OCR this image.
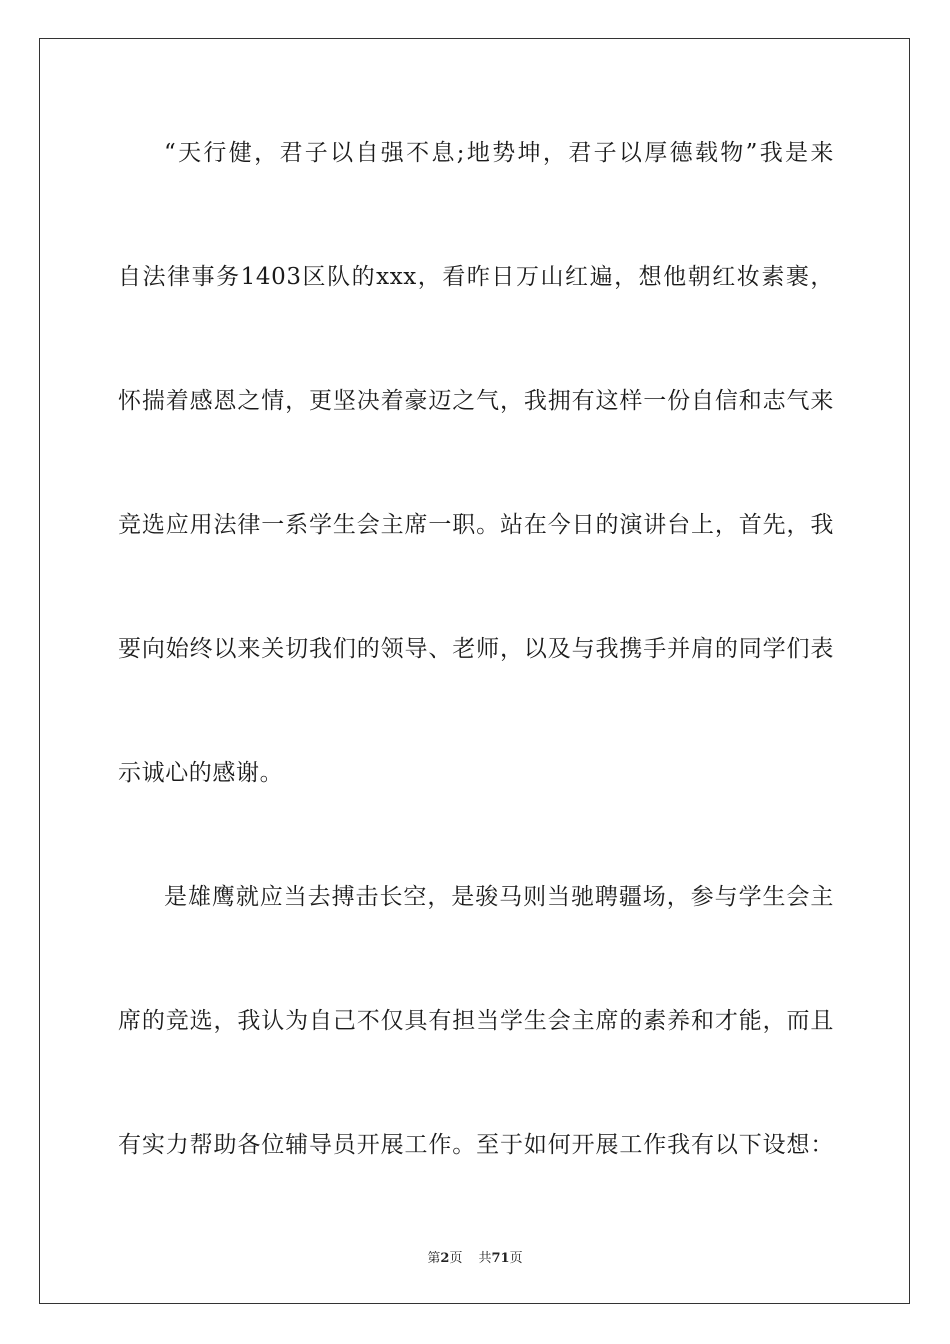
“天行健，君子以自强不息;地势坤，君子以厚德载物”我是来
自法律事务1403区队的xxx，看昨日万山红遍，想他朝红妆素裹，
怀揣着感恩之情，更坚决着豪迈之气，我拥有这样一份自信和志气来
竞选应用法律一系学生会主席一职。站在今日的演讲台上，首先，我
要向始终以来关切我们的领导、老师，以及与我携手并肩的同学们表
示诚心的感谢。
是雄鹰就应当去搏击长空，是骏马则当驰聘疆场，参与学生会主
席的竞选，我认为自己不仅具有担当学生会主席的素养和才能，而且
有实力帮助各位辅导员开展工作。至于如何开展工作我有以下设想：
第2页 共71页
